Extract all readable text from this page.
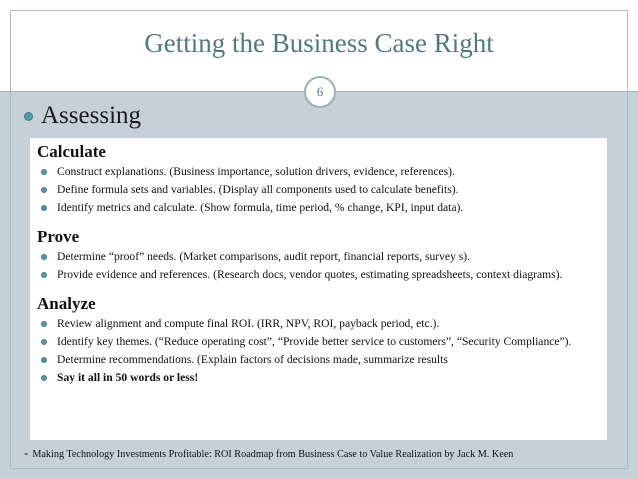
Getting the Business Case Right
6
Assessing
Calculate
Construct explanations. (Business importance, solution drivers, evidence, references).
Define formula sets and variables. (Display all components used to calculate benefits).
Identify metrics and calculate. (Show formula, time period, % change, KPI, input data).
Prove
Determine “proof” needs. (Market comparisons, audit report, financial reports, survey s).
Provide evidence and references. (Research docs, vendor quotes, estimating spreadsheets, context diagrams).
Analyze
Review alignment and compute final ROI. (IRR, NPV, ROI, payback period, etc.).
Identify key themes. (“Reduce operating cost”, “Provide better service to customers”, “Security Compliance”).
Determine recommendations. (Explain factors of decisions made, summarize results
Say it all in 50 words or less!
- Making Technology Investments Profitable: ROI Roadmap from Business Case to Value Realization by Jack M. Keen
